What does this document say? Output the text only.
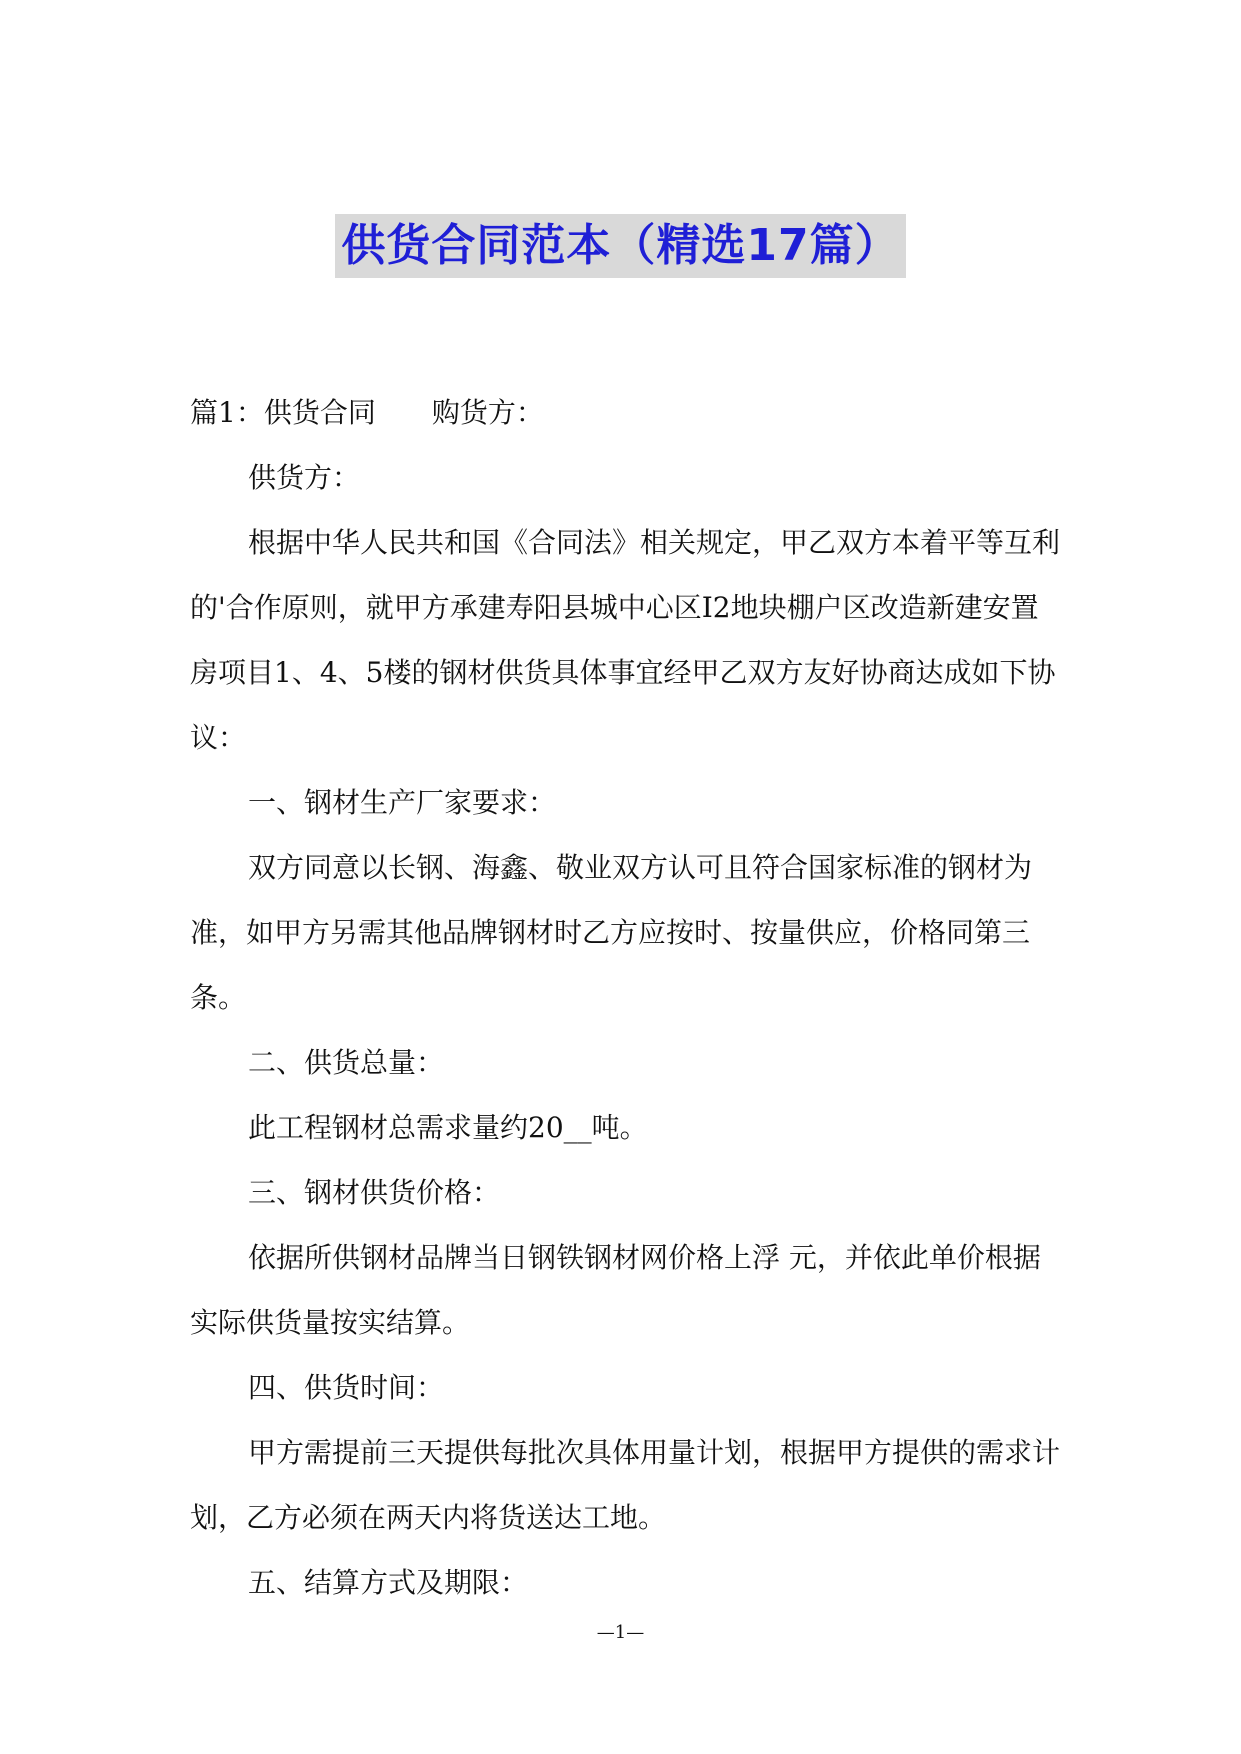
供货合同范本（精选17篇）

篇1：供货合同 购货方：

供货方：

根据中华人民共和国《合同法》相关规定，甲乙双方本着平等互利的'合作原则，就甲方承建寿阳县城中心区I2地块棚户区改造新建安置房项目1、4、5楼的钢材供货具体事宜经甲乙双方友好协商达成如下协议：

一、钢材生产厂家要求：

双方同意以长钢、海鑫、敬业双方认可且符合国家标准的钢材为准，如甲方另需其他品牌钢材时乙方应按时、按量供应，价格同第三条。

二、供货总量：

此工程钢材总需求量约20__吨。

三、钢材供货价格：

依据所供钢材品牌当日钢铁钢材网价格上浮 元，并依此单价根据实际供货量按实结算。

四、供货时间：

甲方需提前三天提供每批次具体用量计划，根据甲方提供的需求计划，乙方必须在两天内将货送达工地。

五、结算方式及期限：

—1—
